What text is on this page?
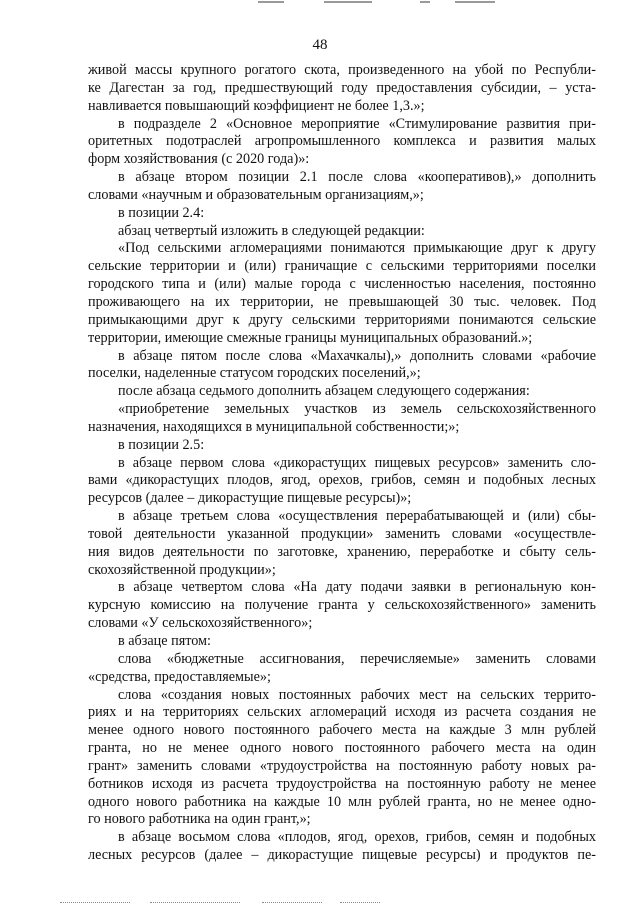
48
живой массы крупного рогатого скота, произведенного на убой по Республи-
ке Дагестан за год, предшествующий году предоставления субсидии, – уста-
навливается повышающий коэффициент не более 1,3.»;
в подразделе 2 «Основное мероприятие «Стимулирование развития при-
оритетных подотраслей агропромышленного комплекса и развития малых
форм хозяйствования (с 2020 года)»:
в абзаце втором позиции 2.1 после слова «кооперативов),» дополнить
словами «научным и образовательным организациям,»;
в позиции 2.4:
абзац четвертый изложить в следующей редакции:
«Под сельскими агломерациями понимаются примыкающие друг к другу
сельские территории и (или) граничащие с сельскими территориями поселки
городского типа и (или) малые города с численностью населения, постоянно
проживающего на их территории, не превышающей 30 тыс. человек. Под
примыкающими друг к другу сельскими территориями понимаются сельские
территории, имеющие смежные границы муниципальных образований.»;
в абзаце пятом после слова «Махачкалы),» дополнить словами «рабочие
поселки, наделенные статусом городских поселений,»;
после абзаца седьмого дополнить абзацем следующего содержания:
«приобретение земельных участков из земель сельскохозяйственного
назначения, находящихся в муниципальной собственности;»;
в позиции 2.5:
в абзаце первом слова «дикорастущих пищевых ресурсов» заменить сло-
вами «дикорастущих плодов, ягод, орехов, грибов, семян и подобных лесных
ресурсов (далее – дикорастущие пищевые ресурсы)»;
в абзаце третьем слова «осуществления перерабатывающей и (или) сбы-
товой деятельности указанной продукции» заменить словами «осуществле-
ния видов деятельности по заготовке, хранению, переработке и сбыту сель-
скохозяйственной продукции»;
в абзаце четвертом слова «На дату подачи заявки в региональную кон-
курсную комиссию на получение гранта у сельскохозяйственного» заменить
словами «У сельскохозяйственного»;
в абзаце пятом:
слова «бюджетные ассигнования, перечисляемые» заменить словами
«средства, предоставляемые»;
слова «создания новых постоянных рабочих мест на сельских террито-
риях и на территориях сельских агломераций исходя из расчета создания не
менее одного нового постоянного рабочего места на каждые 3 млн рублей
гранта, но не менее одного нового постоянного рабочего места на один
грант» заменить словами «трудоустройства на постоянную работу новых ра-
ботников исходя из расчета трудоустройства на постоянную работу не менее
одного нового работника на каждые 10 млн рублей гранта, но не менее одно-
го нового работника на один грант,»;
в абзаце восьмом слова «плодов, ягод, орехов, грибов, семян и подобных
лесных ресурсов (далее – дикорастущие пищевые ресурсы) и продуктов пе-
